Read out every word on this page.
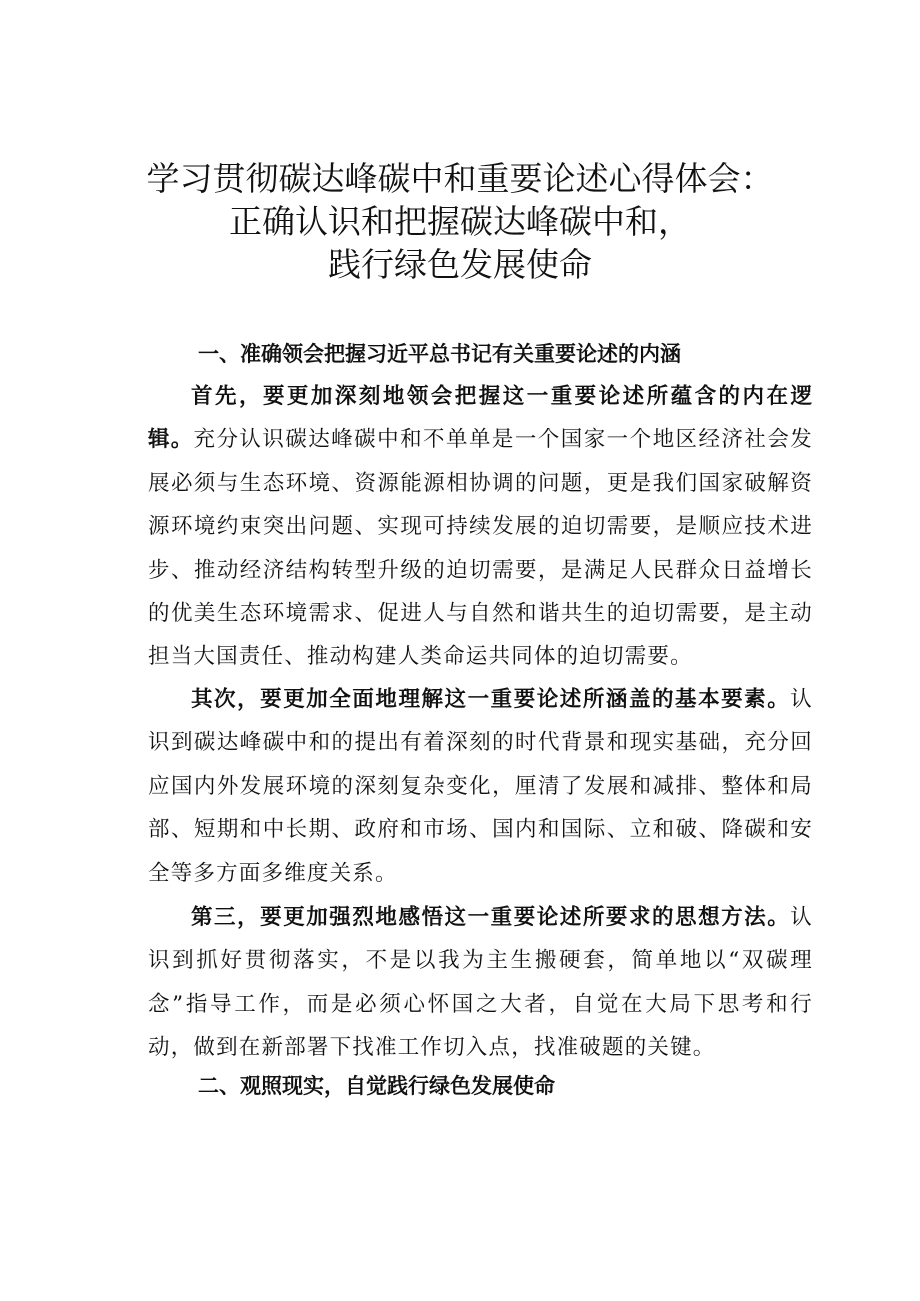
学习贯彻碳达峰碳中和重要论述心得体会：
正确认识和把握碳达峰碳中和，
践行绿色发展使命
一、准确领会把握习近平总书记有关重要论述的内涵

首先，要更加深刻地领会把握这一重要论述所蕴含的内在逻辑。充分认识碳达峰碳中和不单单是一个国家一个地区经济社会发展必须与生态环境、资源能源相协调的问题，更是我们国家破解资源环境约束突出问题、实现可持续发展的迫切需要，是顺应技术进步、推动经济结构转型升级的迫切需要，是满足人民群众日益增长的优美生态环境需求、促进人与自然和谐共生的迫切需要，是主动担当大国责任、推动构建人类命运共同体的迫切需要。

其次，要更加全面地理解这一重要论述所涵盖的基本要素。认识到碳达峰碳中和的提出有着深刻的时代背景和现实基础，充分回应国内外发展环境的深刻复杂变化，厘清了发展和减排、整体和局部、短期和中长期、政府和市场、国内和国际、立和破、降碳和安全等多方面多维度关系。

第三，要更加强烈地感悟这一重要论述所要求的思想方法。认识到抓好贯彻落实，不是以我为主生搬硬套，简单地以“双碳理念”指导工作，而是必须心怀国之大者，自觉在大局下思考和行动，做到在新部署下找准工作切入点，找准破题的关键。

二、观照现实，自觉践行绿色发展使命
